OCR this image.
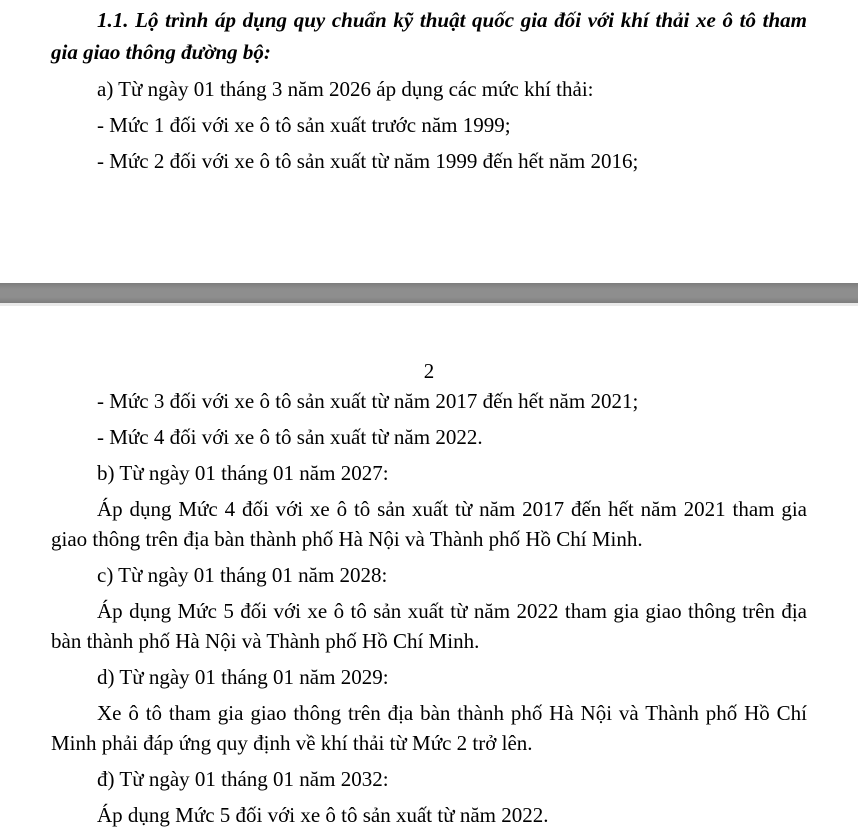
1.1. Lộ trình áp dụng quy chuẩn kỹ thuật quốc gia đối với khí thải xe ô tô tham gia giao thông đường bộ:

a) Từ ngày 01 tháng 3 năm 2026 áp dụng các mức khí thải:

- Mức 1 đối với xe ô tô sản xuất trước năm 1999;

- Mức 2 đối với xe ô tô sản xuất từ năm 1999 đến hết năm 2016;

2

- Mức 3 đối với xe ô tô sản xuất từ năm 2017 đến hết năm 2021;

- Mức 4 đối với xe ô tô sản xuất từ năm 2022.

b) Từ ngày 01 tháng 01 năm 2027:

Áp dụng Mức 4 đối với xe ô tô sản xuất từ năm 2017 đến hết năm 2021 tham gia giao thông trên địa bàn thành phố Hà Nội và Thành phố Hồ Chí Minh.

c) Từ ngày 01 tháng 01 năm 2028:

Áp dụng Mức 5 đối với xe ô tô sản xuất từ năm 2022 tham gia giao thông trên địa bàn thành phố Hà Nội và Thành phố Hồ Chí Minh.

d) Từ ngày 01 tháng 01 năm 2029:

Xe ô tô tham gia giao thông trên địa bàn thành phố Hà Nội và Thành phố Hồ Chí Minh phải đáp ứng quy định về khí thải từ Mức 2 trở lên.

đ) Từ ngày 01 tháng 01 năm 2032:

Áp dụng Mức 5 đối với xe ô tô sản xuất từ năm 2022.
